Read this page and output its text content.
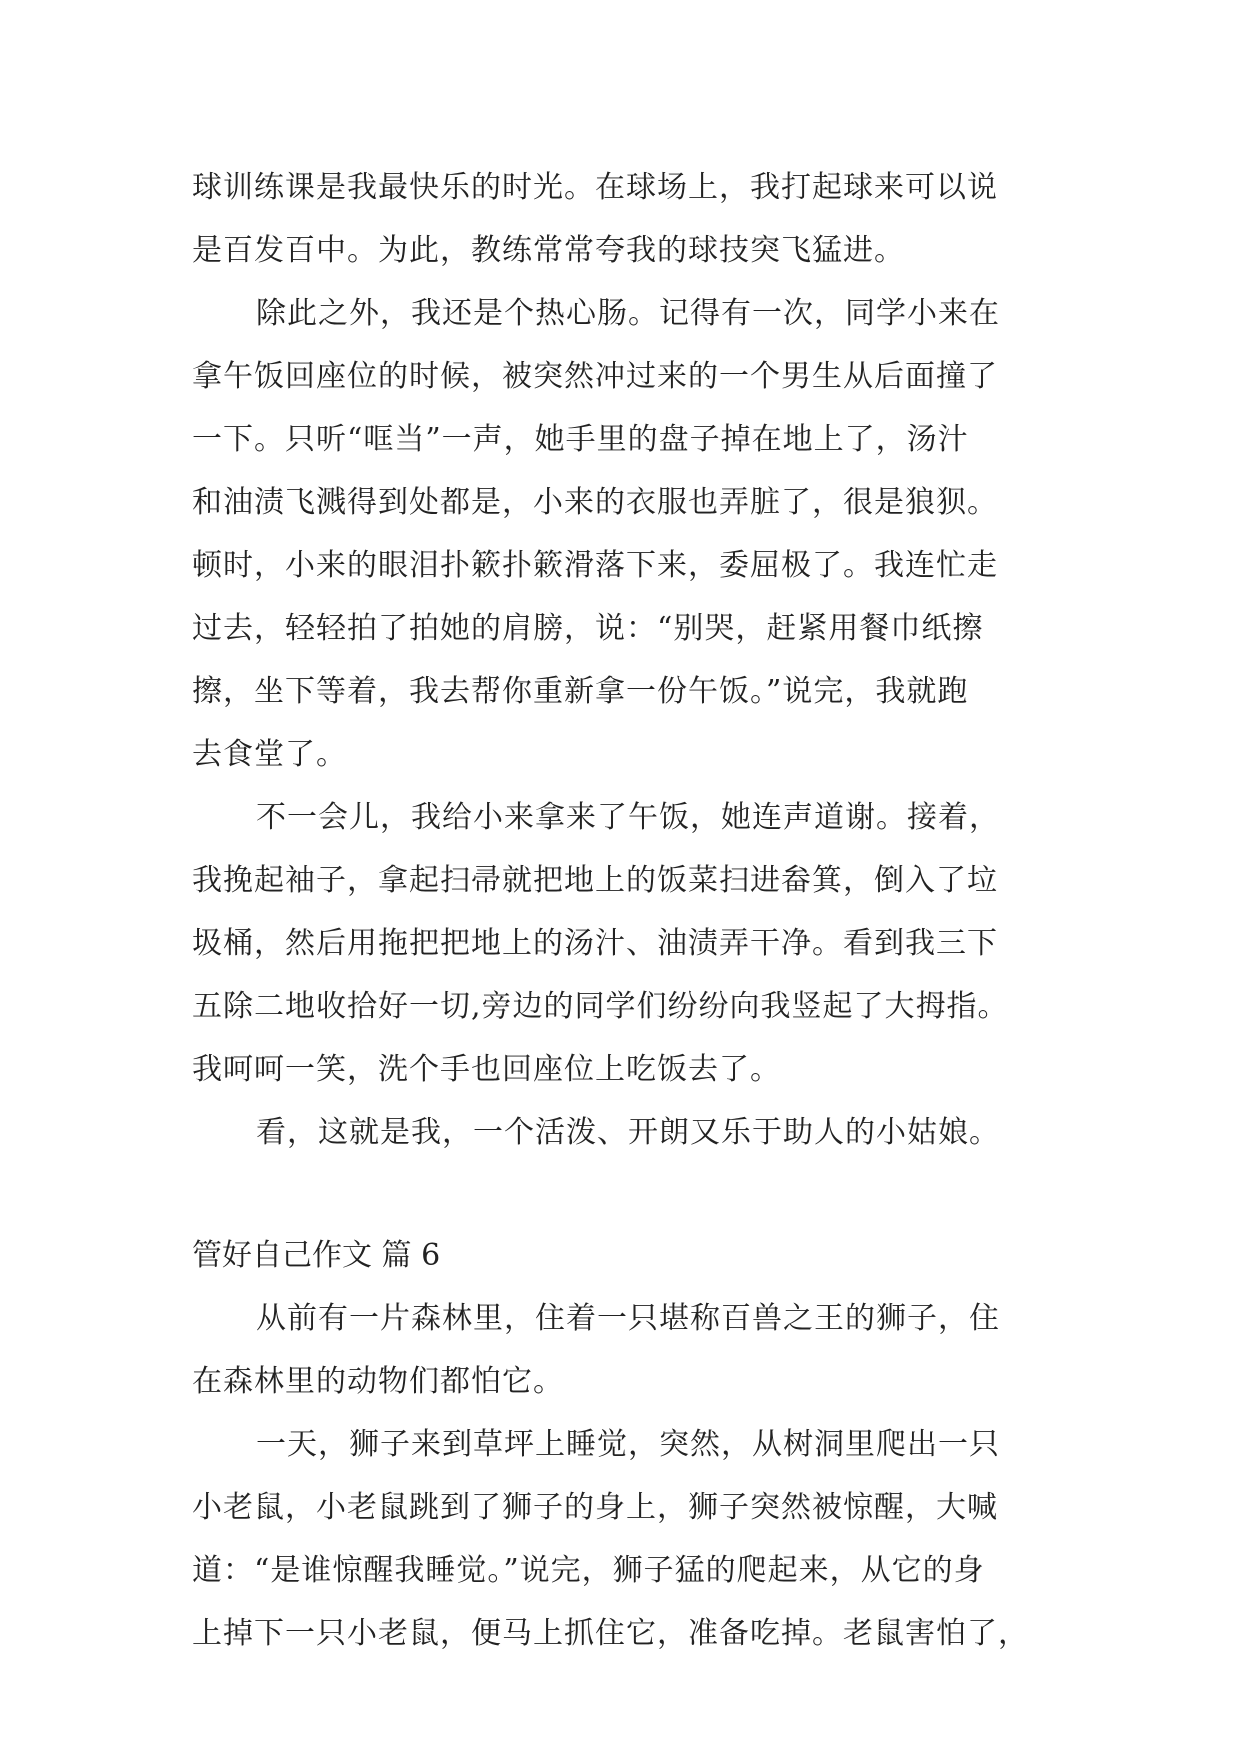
球训练课是我最快乐的时光。在球场上，我打起球来可以说
是百发百中。为此，教练常常夸我的球技突飞猛进。
除此之外，我还是个热心肠。记得有一次，同学小来在
拿午饭回座位的时候，被突然冲过来的一个男生从后面撞了
一下。只听“哐当”一声，她手里的盘子掉在地上了，汤汁
和油渍飞溅得到处都是，小来的衣服也弄脏了，很是狼狈。
顿时，小来的眼泪扑簌扑簌滑落下来，委屈极了。我连忙走
过去，轻轻拍了拍她的肩膀，说：“别哭，赶紧用餐巾纸擦
擦，坐下等着，我去帮你重新拿一份午饭。”说完，我就跑
去食堂了。
不一会儿，我给小来拿来了午饭，她连声道谢。接着，
我挽起袖子，拿起扫帚就把地上的饭菜扫进畚箕，倒入了垃
圾桶，然后用拖把把地上的汤汁、油渍弄干净。看到我三下
五除二地收拾好一切,旁边的同学们纷纷向我竖起了大拇指。
我呵呵一笑，洗个手也回座位上吃饭去了。
看，这就是我，一个活泼、开朗又乐于助人的小姑娘。
管好自己作文 篇 6
从前有一片森林里，住着一只堪称百兽之王的狮子，住
在森林里的动物们都怕它。
一天，狮子来到草坪上睡觉，突然，从树洞里爬出一只
小老鼠，小老鼠跳到了狮子的身上，狮子突然被惊醒，大喊
道：“是谁惊醒我睡觉。”说完，狮子猛的爬起来，从它的身
上掉下一只小老鼠，便马上抓住它，准备吃掉。老鼠害怕了，
